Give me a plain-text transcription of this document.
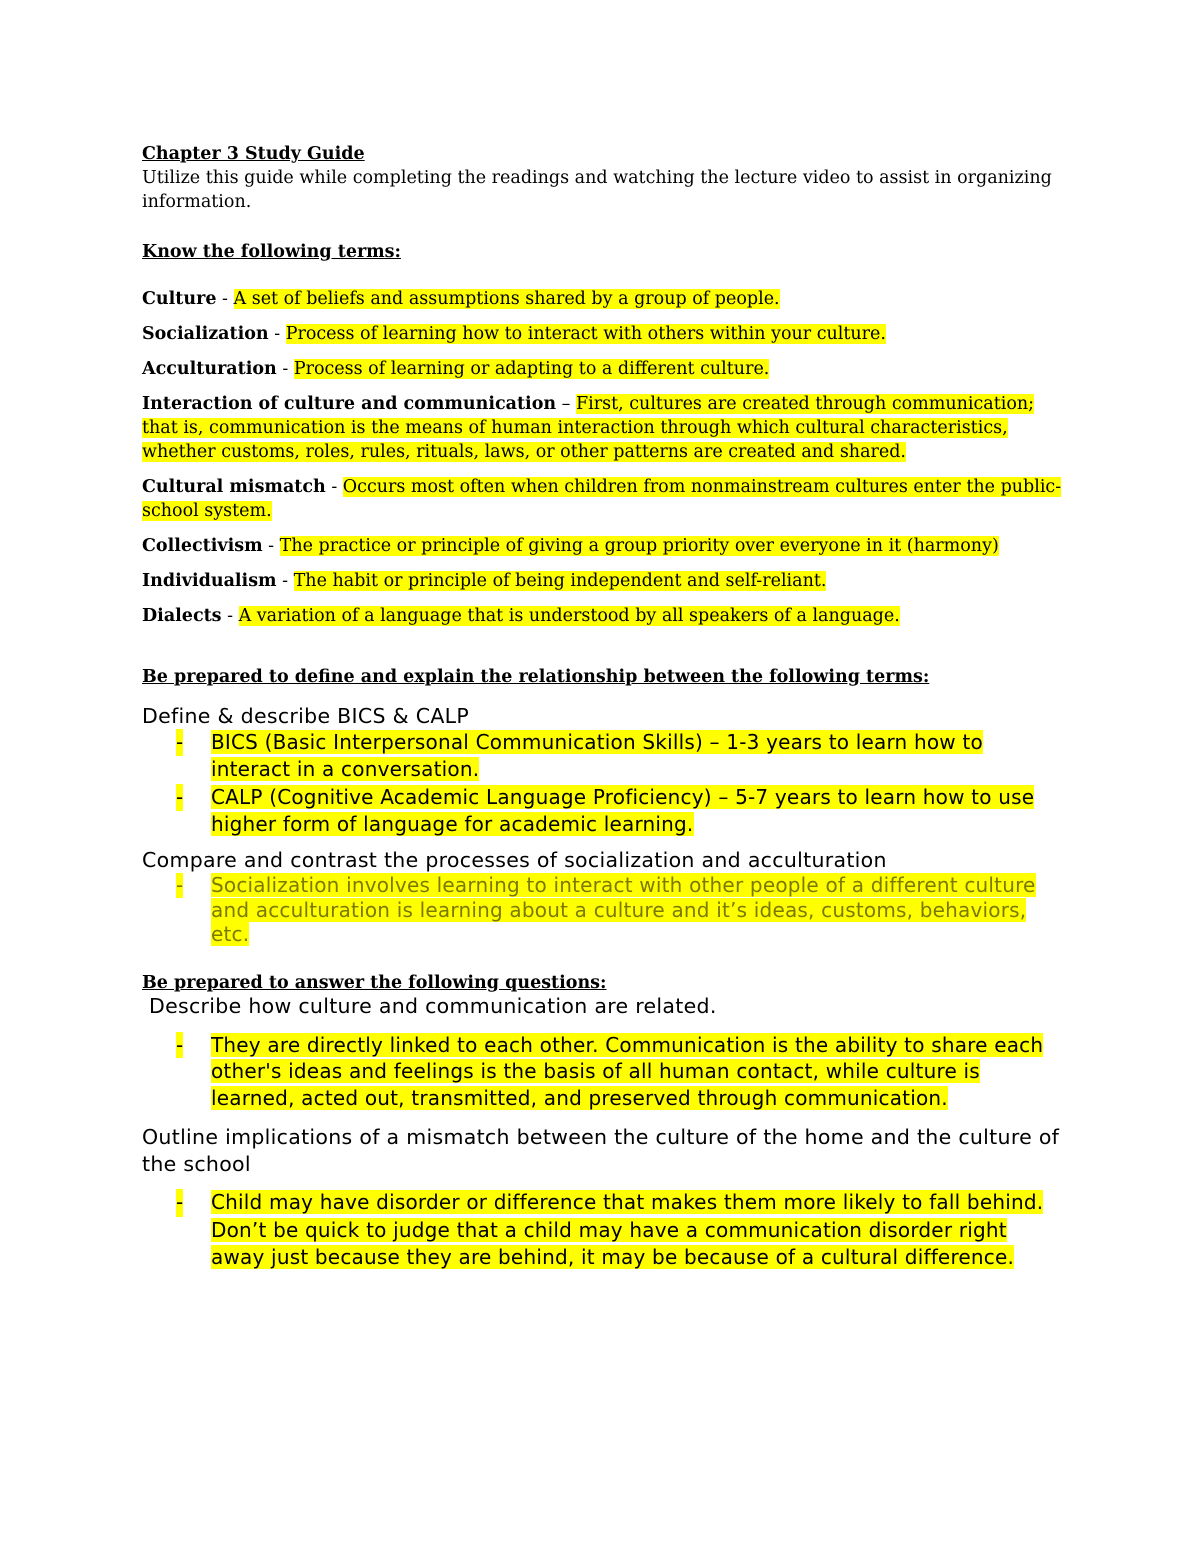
Chapter 3 Study Guide
Utilize this guide while completing the readings and watching the lecture video to assist in organizing information.
Know the following terms:
Culture - A set of beliefs and assumptions shared by a group of people.
Socialization - Process of learning how to interact with others within your culture.
Acculturation - Process of learning or adapting to a different culture.
Interaction of culture and communication – First, cultures are created through communication; that is, communication is the means of human interaction through which cultural characteristics, whether customs, roles, rules, rituals, laws, or other patterns are created and shared.
Cultural mismatch - Occurs most often when children from nonmainstream cultures enter the public-school system.
Collectivism - The practice or principle of giving a group priority over everyone in it (harmony)
Individualism - The habit or principle of being independent and self-reliant.
Dialects - A variation of a language that is understood by all speakers of a language.
Be prepared to define and explain the relationship between the following terms:
Define & describe BICS & CALP
- BICS (Basic Interpersonal Communication Skills) – 1-3 years to learn how to interact in a conversation.
- CALP (Cognitive Academic Language Proficiency) – 5-7 years to learn how to use higher form of language for academic learning.
Compare and contrast the processes of socialization and acculturation
- Socialization involves learning to interact with other people of a different culture and acculturation is learning about a culture and it’s ideas, customs, behaviors, etc.
Be prepared to answer the following questions:
Describe how culture and communication are related.
- They are directly linked to each other. Communication is the ability to share each other's ideas and feelings is the basis of all human contact, while culture is learned, acted out, transmitted, and preserved through communication.
Outline implications of a mismatch between the culture of the home and the culture of the school
- Child may have disorder or difference that makes them more likely to fall behind. Don’t be quick to judge that a child may have a communication disorder right away just because they are behind, it may be because of a cultural difference.
